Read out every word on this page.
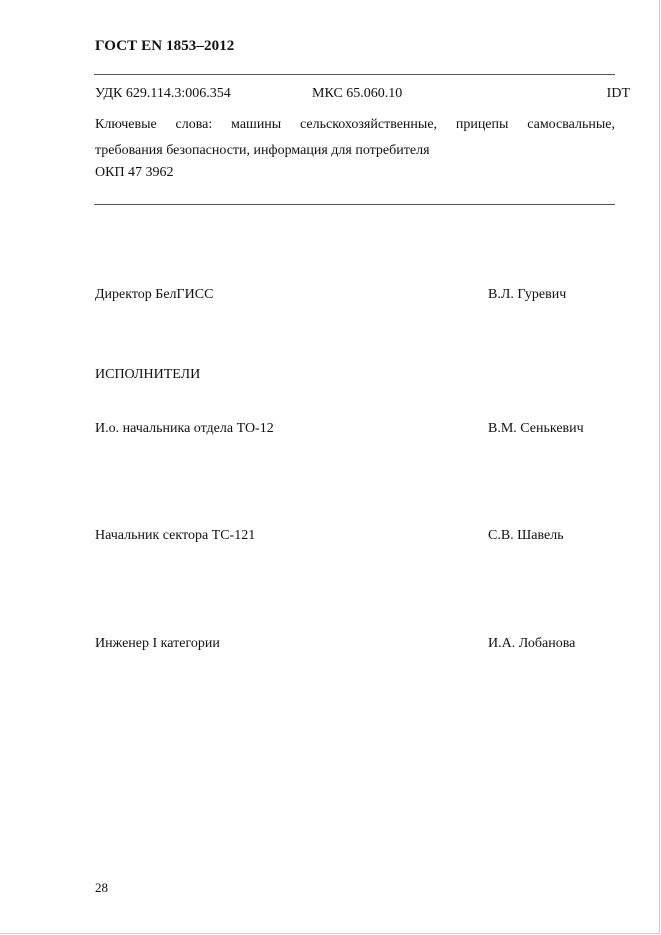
ГОСТ EN 1853–2012
УДК 629.114.3:006.354	МКС 65.060.10	IDT
Ключевые слова: машины сельскохозяйственные, прицепы самосвальные,
требования безопасности, информация для потребителя
ОКП 47 3962
Директор БелГИСС	В.Л. Гуревич
ИСПОЛНИТЕЛИ
И.о. начальника отдела ТО-12	В.М. Сенькевич
Начальник сектора ТС-121	С.В. Шавель
Инженер I категории	И.А. Лобанова
28
